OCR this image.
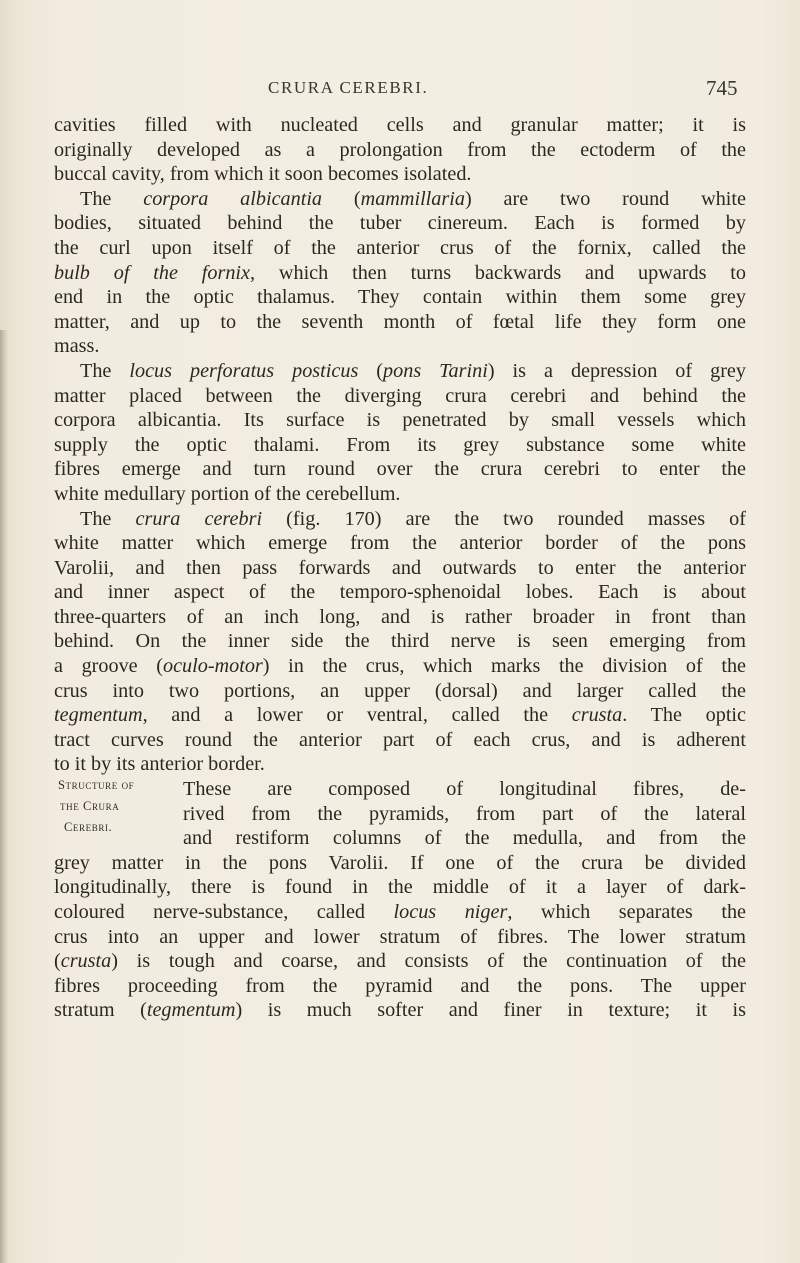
CRURA CEREBRI.	745
Structure of
the Crura
Cerebri.
cavities filled with nucleated cells and granular matter; it is
originally developed as a prolongation from the ectoderm of the
buccal cavity, from which it soon becomes isolated.
The corpora albicantia (mammillaria) are two round white
bodies, situated behind the tuber cinereum. Each is formed by
the curl upon itself of the anterior crus of the fornix, called the
bulb of the fornix, which then turns backwards and upwards to
end in the optic thalamus. They contain within them some grey
matter, and up to the seventh month of fœtal life they form one
mass.
The locus perforatus posticus (pons Tarini) is a depression of grey
matter placed between the diverging crura cerebri and behind the
corpora albicantia. Its surface is penetrated by small vessels which
supply the optic thalami. From its grey substance some white
fibres emerge and turn round over the crura cerebri to enter the
white medullary portion of the cerebellum.
The crura cerebri (fig. 170) are the two rounded masses of
white matter which emerge from the anterior border of the pons
Varolii, and then pass forwards and outwards to enter the anterior
and inner aspect of the temporo-sphenoidal lobes. Each is about
three-quarters of an inch long, and is rather broader in front than
behind. On the inner side the third nerve is seen emerging from
a groove (oculo-motor) in the crus, which marks the division of the
crus into two portions, an upper (dorsal) and larger called the
tegmentum, and a lower or ventral, called the crusta. The optic
tract curves round the anterior part of each crus, and is adherent
to it by its anterior border.
These are composed of longitudinal fibres, de-
rived from the pyramids, from part of the lateral
and restiform columns of the medulla, and from the
grey matter in the pons Varolii. If one of the crura be divided
longitudinally, there is found in the middle of it a layer of dark-
coloured nerve-substance, called locus niger, which separates the
crus into an upper and lower stratum of fibres. The lower stratum
(crusta) is tough and coarse, and consists of the continuation of the
fibres proceeding from the pyramid and the pons. The upper
stratum (tegmentum) is much softer and finer in texture; it is
